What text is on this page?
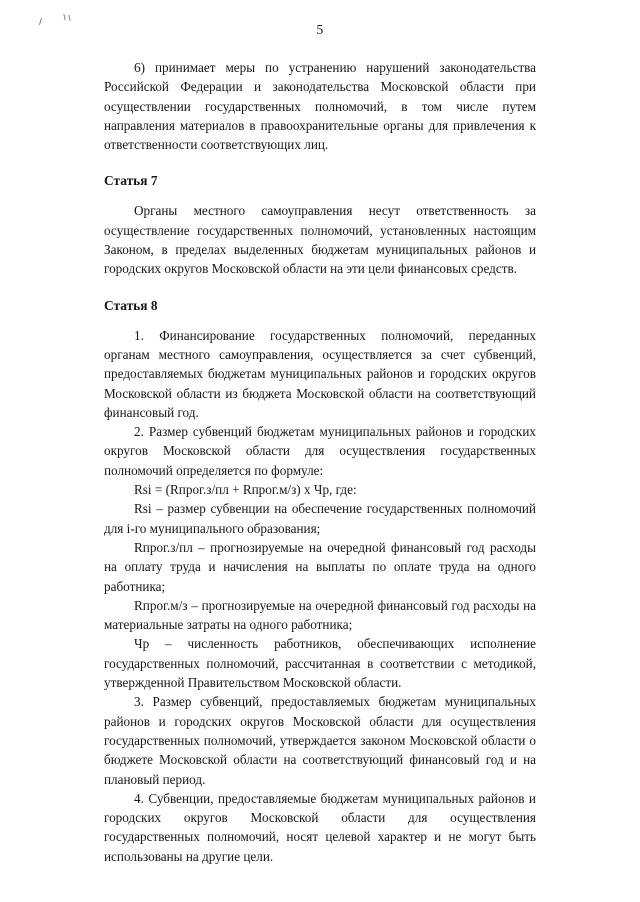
5

6) принимает меры по устранению нарушений законодательства Российской Федерации и законодательства Московской области при осуществлении государственных полномочий, в том числе путем направления материалов в правоохранительные органы для привлечения к ответственности соответствующих лиц.

Статья 7

Органы местного самоуправления несут ответственность за осуществление государственных полномочий, установленных настоящим Законом, в пределах выделенных бюджетам муниципальных районов и городских округов Московской области на эти цели финансовых средств.

Статья 8

1. Финансирование государственных полномочий, переданных органам местного самоуправления, осуществляется за счет субвенций, предоставляемых бюджетам муниципальных районов и городских округов Московской области из бюджета Московской области на соответствующий финансовый год.

2. Размер субвенций бюджетам муниципальных районов и городских округов Московской области для осуществления государственных полномочий определяется по формуле:

Rsi = (Rпрог.з/пл + Rпрог.м/з) х Чр, где:

Rsi – размер субвенции на обеспечение государственных полномочий для i-го муниципального образования;

Rпрог.з/пл – прогнозируемые на очередной финансовый год расходы на оплату труда и начисления на выплаты по оплате труда на одного работника;

Rпрог.м/з – прогнозируемые на очередной финансовый год расходы на материальные затраты на одного работника;

Чр – численность работников, обеспечивающих исполнение государственных полномочий, рассчитанная в соответствии с методикой, утвержденной Правительством Московской области.

3. Размер субвенций, предоставляемых бюджетам муниципальных районов и городских округов Московской области для осуществления государственных полномочий, утверждается законом Московской области о бюджете Московской области на соответствующий финансовый год и на плановый период.

4. Субвенции, предоставляемые бюджетам муниципальных районов и городских округов Московской области для осуществления государственных полномочий, носят целевой характер и не могут быть использованы на другие цели.
